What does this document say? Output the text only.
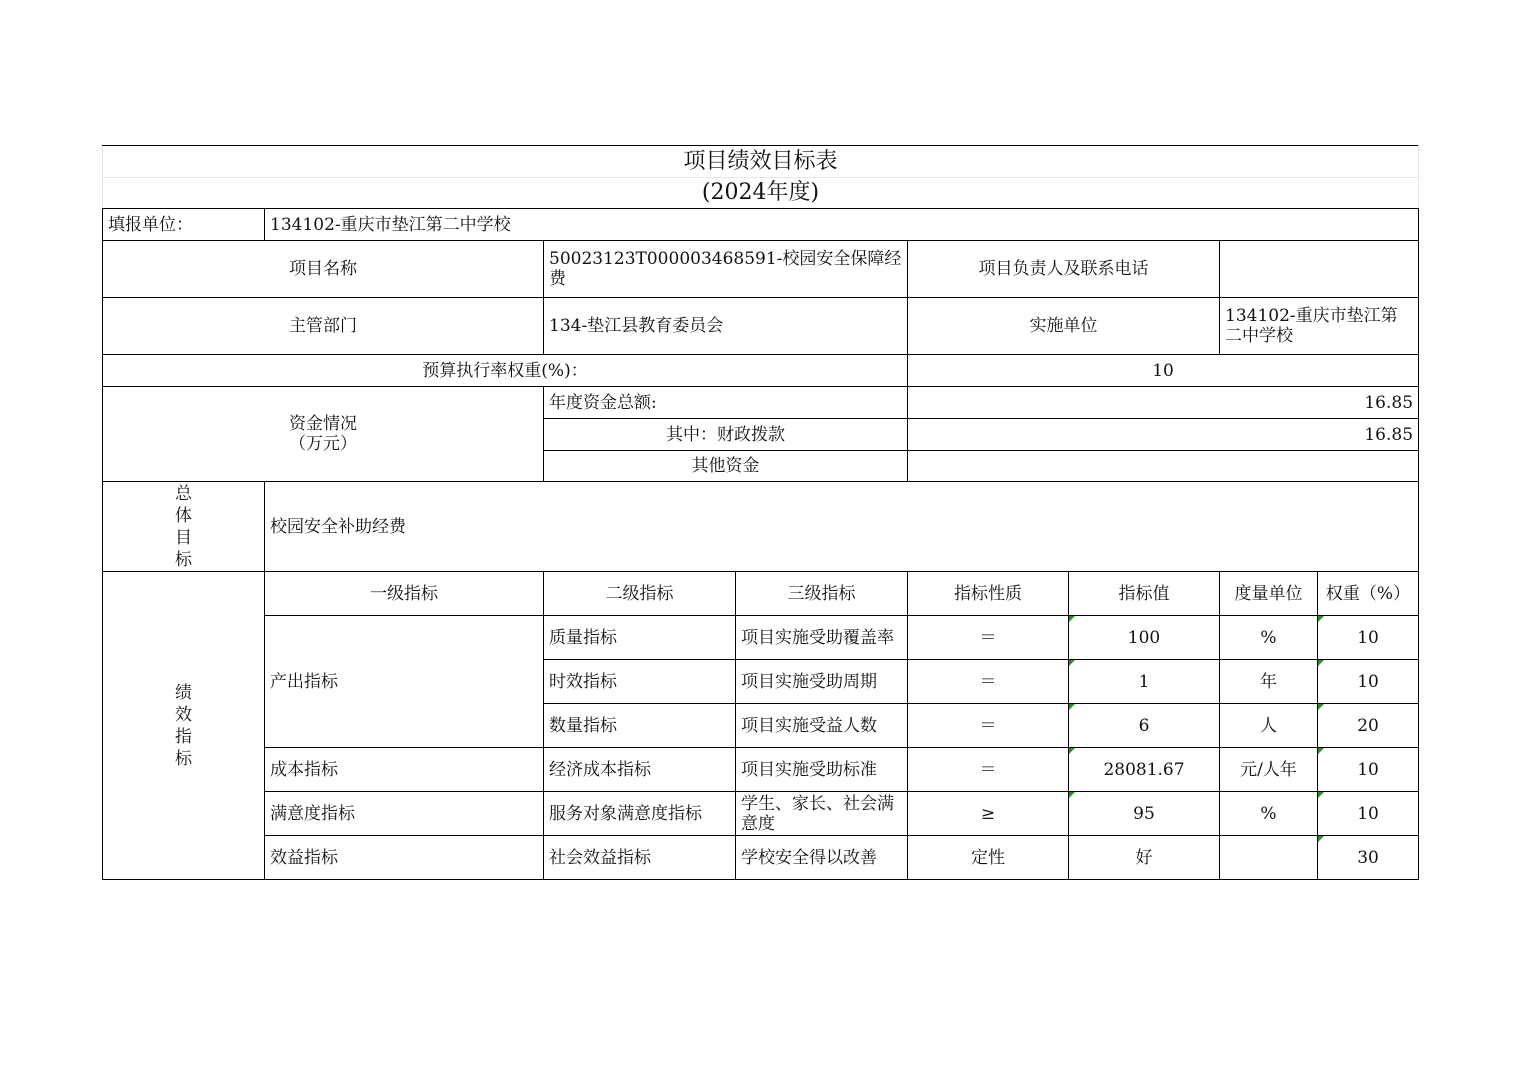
项目绩效目标表							
(2024年度)							
填报单位：	134102-重庆市垫江第二中学校						
项目名称		50023123T000003468591-校园安全保障经费		项目负责人及联系电话			
主管部门		134-垫江县教育委员会		实施单位		134102-重庆市垫江第二中学校	
预算执行率权重(%)：				10			

资金情况
（万元）		年度资金总额:		16.85			
		其中：财政拨款		16.85			
		其他资金					

总
体
目
标	校园安全补助经费						

绩
效
指
标	一级指标	二级指标	三级指标	指标性质	指标值	度量单位	权重（%）
	产出指标	质量指标	项目实施受助覆盖率	＝	100	%	10
		时效指标	项目实施受助周期	＝	1	年	10
		数量指标	项目实施受益人数	＝	6	人	20
	成本指标	经济成本指标	项目实施受助标准	＝	28081.67	元/人年	10
	满意度指标	服务对象满意度指标	学生、家长、社会满意度	≥	95	%	10
	效益指标	社会效益指标	学校安全得以改善	定性	好		30
